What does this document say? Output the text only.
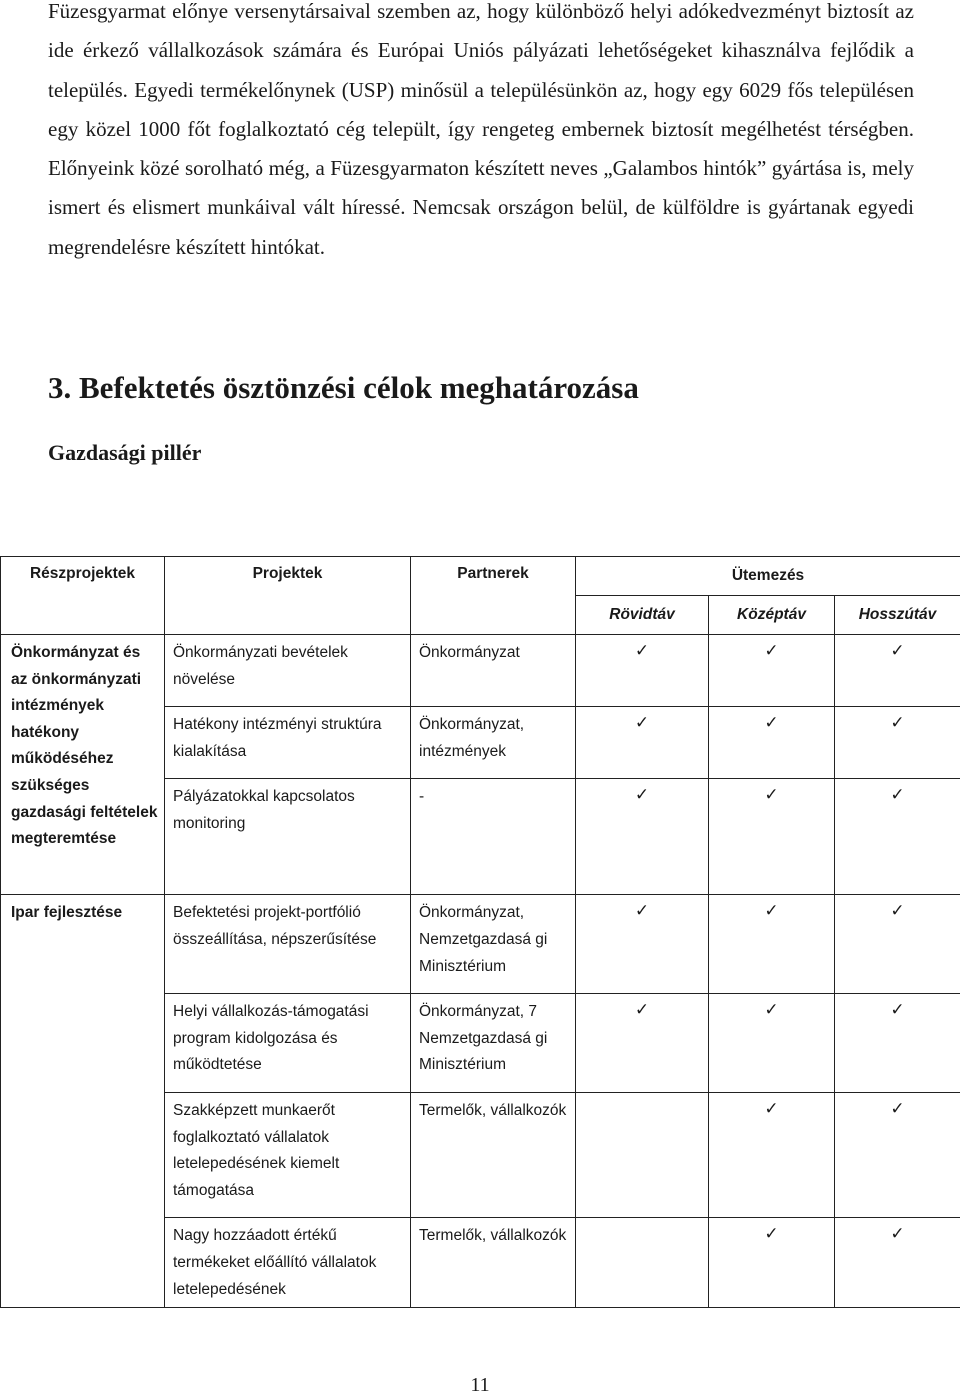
Füzesgyarmat előnye versenytársaival szemben az, hogy különböző helyi adókedvezményt biztosít az ide érkező vállalkozások számára és Európai Uniós pályázati lehetőségeket kihasználva fejlődik a település. Egyedi termékelőnynek (USP) minősül a településünkön az, hogy egy 6029 fős településen egy közel 1000 főt foglalkoztató cég települt, így rengeteg embernek biztosít megélhetést térségben. Előnyeink közé sorolható még, a Füzesgyarmaton készített neves „Galambos hintók” gyártása is, mely ismert és elismert munkáival vált híressé. Nemcsak országon belül, de külföldre is gyártanak egyedi megrendelésre készített hintókat.

3. Befektetés ösztönzési célok meghatározása
Gazdasági pillér
Részprojektek	Projektek	Partnerek	Ütemezés		
			Rövidtáv	Középtáv	Hosszútáv
Önkormányzat és az önkormányzati intézmények hatékony működéséhez szükséges gazdasági feltételek megteremtése	Önkormányzati bevételek növelése	Önkormányzat	✓	✓	✓
	Hatékony intézményi struktúra kialakítása	Önkormányzat, intézmények	✓	✓	✓
	Pályázatokkal kapcsolatos monitoring	-	✓	✓	✓
Ipar fejlesztése	Befektetési projekt-portfólió összeállítása, népszerűsítése	Önkormányzat, Nemzetgazdasá gi Minisztérium	✓	✓	✓
	Helyi vállalkozás-támogatási program kidolgozása és működtetése	Önkormányzat, 7 Nemzetgazdasá gi Minisztérium	✓	✓	✓
	Szakképzett munkaerőt foglalkoztató vállalatok letelepedésének kiemelt támogatása	Termelők, vállalkozók		✓	✓
	Nagy hozzáadott értékű termékeket előállító vállalatok letelepedésének	Termelők, vállalkozók		✓	✓

11
